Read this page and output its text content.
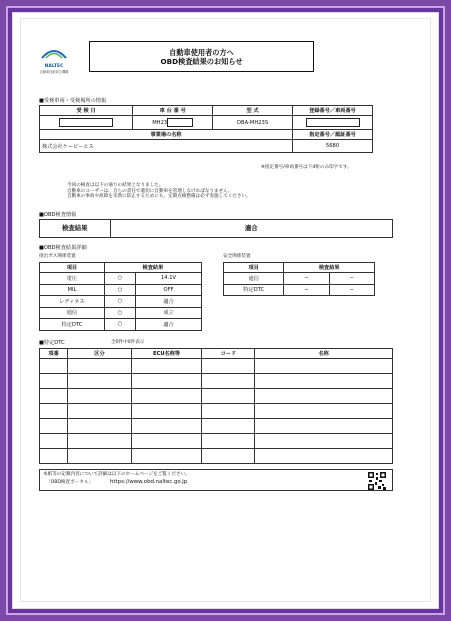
NALTEC
自動車技術総合機構
自動車使用者の方へ
OBD検査結果のお知らせ
■受検車両・受検場所の情報
受 検 日	車 台 番 号	型 式	登録番号／車両番号
	MH23	DBA-MH23S	
事業場の名称			指定番号／認証番号
株式会社ケーピーエス			5680
※指定番号/車両番号は下4桁のみ印字です。
今回の検査は以下の通りの結果となりました。
自動車のユーザーは、自らの責任で適切に自動車を管理しなければなりません。
自動車の事故や故障を未然に防止するためにも、定期点検整備は必ず実施してください。
■OBD検査情報
検査結果	適合
■OBD検査結果詳細
排出ガス関係装置
項目	検査結果	
電圧	○	14.1V
MIL	○	OFF
レディネス	○	適合
通信	○	成立
特定DTC	○	適合
安全関係装置
項目	検査結果	
通信	−	−
特定DTC	−	−
■特定DTC	全0件中0件表示
項番	区分	ECU名称等	コード	名称

本紙等の記載内容について詳細は以下のホームページをご覧ください。
「OBD検査ポータル」	https://www.obd.naltec.go.jp
